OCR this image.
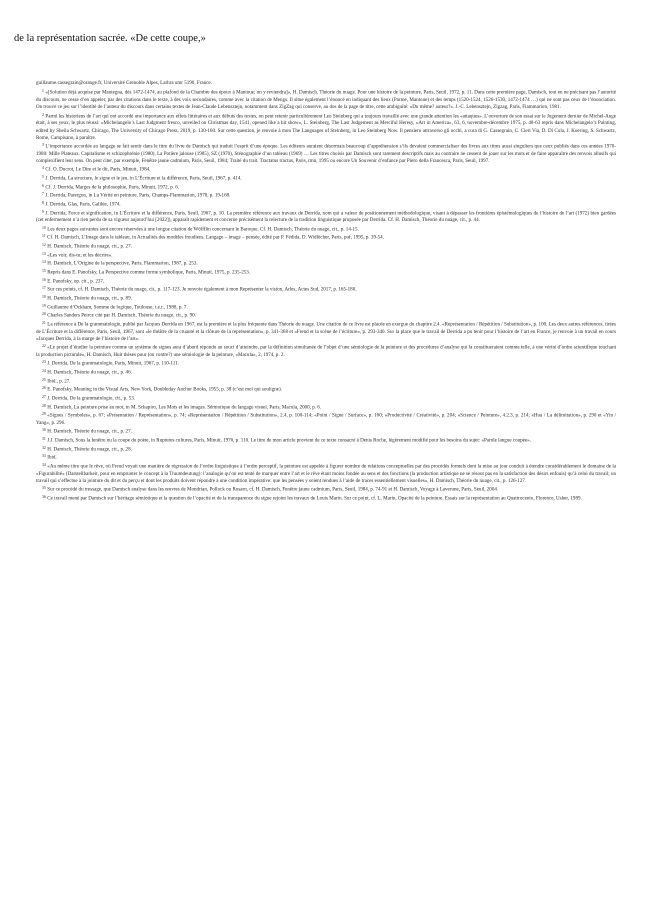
de la représentation sacrée. «De cette coupe,»

guillaume.cassegrain@orange.fr, Université Grenoble Alpes, Larhra umr 5190, France.

$^1$ «[Solution déjà acquise par Mantegna, dès 1472-1474, au plafond de la Chambre des époux à Mantoue; on y reviendra]», H. Damisch, Théorie du nuage. Pour une histoire de la peinture, Paris, Seuil, 1972, p. 11. Dans cette première page, Damisch, tout en ne précisant pas l’autorité du discours, ne cesse d’en appeler, par des citations dans le texte, à des voix secondaires, comme avec la citation de Mengs. Il situe également l’énoncé en indiquant des lieux (Parme, Mantoue) et des temps (1520-1524, 1526-1530, 1472-1474 …) qui ne sont pas ceux de l’énonciation. On trouve ce jeu sur l’identité de l’auteur du discours dans certains textes de Jean-Claude Lebensztejn, notamment dans ZigZag qui conserve, au dos de la page de titre, cette ambiguïté: «Du même? auteur?». J.-C. Lebensztejn, Zigzag, Paris, Flammarion, 1981.

$^2$ Parmi les historiens de l’art qui ont accordé une importance aux effets littéraires et aux débuts des textes, on peut retenir particulièrement Leo Steinberg qui a toujours travaillé avec une grande attention les «attaques». L’ouverture de son essai sur le Jugement dernier de Michel-Ange était, à ses yeux, le plus réussi: «Michelangelo’s Last Judgment fresco, unveiled on Christmas day, 1541, opened like a hit show», L. Steinberg, The Last Judgement as Merciful Heresy, «Art in America», 63, 6, novembre-décembre 1975, p. 48-63 repris dans Michelangelo’s Painting, edited by Sheila Schwartz, Chicago, The University of Chicago Press, 2019, p. 130-160. Sur cette question, je renvoie à mon The Languages of Steinberg, in Leo Steinberg Now. Il pensiero attraverso gli occhi, a cura di G. Cassegrain, C. Cieri Via, D. Di Cola, J. Koering, S. Schwartz, Rome, Campisano, à paraître.

$^3$ L’importance accordée au langage se fait sentir dans le titre du livre de Damisch qui traduit l’esprit d’une époque. Les éditeurs auraient désormais beaucoup d’appréhension s’ils devaient commercialiser des livres aux titres aussi singuliers que ceux publiés dans ces années 1970-1980: Mille Plateaux. Capitalisme et schizophrénie (1980), La Potière jalouse (1985), SZ (1970), Sténographie d’un tableau (1969) … Les titres choisis par Damisch sont rarement descriptifs mais au contraire ne cessent de jouer sur les mots et de faire apparaître des renvois allusifs qui complexifient leur sens. On peut citer, par exemple, Fenêtre jaune cadmium, Paris, Seuil, 1984; Traité du trait. Tractatus tractus, Paris, rmn, 1995 ou encore Un Souvenir d’enfance par Piero della Francesca, Paris, Seuil, 1997.

$^4$ Cf. O. Ducrot, Le Dire et le dit, Paris, Minuit, 1984.

$^5$ J. Derrida, La structure, le signe et le jeu, in L’Écriture et la différence, Paris, Seuil, 1967, p. 414.

$^6$ Cf. J. Derrida, Marges de la philosophie, Paris, Minuit, 1972, p. 6.

$^7$ J. Derrida, Parergon, in La Vérité en peinture, Paris, Champs-Flammarion, 1978, p. 19-168.

$^8$ J. Derrida, Glas, Paris, Galilée, 1974.

$^9$ J. Derrida, Force et signification, in L’Écriture et la différence, Paris, Seuil, 1967, p. 10. La première référence aux travaux de Derrida, nom qui a valeur de positionnement méthodologique, visant à dépasser les frontières épistémologiques de l’histoire de l’art (1972) bien gardées (cet enfermement n’a rien perdu de sa vigueur aujourd’hui [2022]), apparaît rapidement et concerne précisément la relecture de la tradition linguistique proposée par Derrida. Cf. H. Damisch, Théorie du nuage, cit., p. 44.

$^{10}$ Les deux pages suivantes sont encore réservées à une longue citation de Wölfflin concernant le Baroque. Cf. H. Damisch, Théorie du nuage, cit., p. 14-15.

$^{11}$ Cf. H. Damisch, L’Image dans le tableau, in Actualités des modèles freudiens. Langage – image – pensée, édité par P. Fédida, D. Widlöcher, Paris, puf, 1995, p. 39-54.

$^{12}$ H. Damisch, Théorie du nuage, cit., p. 27.

$^{13}$ «Les voir, dis-tu; et les décrire».

$^{14}$ H. Damisch, L’Origine de la perspective, Paris, Flammarion, 1987, p. 253.

$^{15}$ Repris dans E. Panofsky, La Perspective comme forme symbolique, Paris, Minuit, 1975, p. 235-253.

$^{16}$ E. Panofsky, op. cit., p. 237.

$^{17}$ Sur ces points, cf. H. Damisch, Théorie du nuage, cit., p. 117-123. Je renvoie également à mon Représenter la vision, Arles, Actes Sud, 2017, p. 165-180.

$^{18}$ H. Damisch, Théorie du nuage, cit., p. 89.

$^{19}$ Guillaume d’Ockham, Somme de logique, Toulouse, t.e.r., 1988, p. 7.

$^{20}$ Charles Sanders Peirce cité par H. Damisch, Théorie du nuage, cit., p. 90.

$^{21}$ La référence à De la grammatologie, publié par Jacques Derrida en 1967, est la première et la plus fréquente dans Théorie du nuage. Une citation de ce livre est placée en exergue du chapitre 2.4. «Représentation / Répétition / Substitution», p. 100. Les deux autres références, tirées de L’Écriture et la différence, Paris, Seuil, 1967, sont «le théâtre de la cruauté et la clôture de la représentation», p. 341-368 et «Freud et la scène de l’écriture», p. 293-340. Sur la place que le travail de Derrida a pu tenir pour l’histoire de l’art en France, je renvoie à un travail en cours «Jacques Derrida, à la marge de l’histoire de l’art».

$^{22}$ «Le projet d’étudier la peinture comme un système de signes aura d’abord répondu au souci d’atteindre, par la définition simultanée de l’objet d’une sémiologie de la peinture et des procédures d’analyse qui la constitueraient comme telle, à une vérité d’ordre scientifique touchant la production picturale», H. Damisch, Huit thèses pour (ou contre?) une sémiologie de la peinture, «Macula», 2, 1974, p. 2.

$^{23}$ J. Derrida, De la grammatologie, Paris, Minuit, 1967, p. 110-111.

$^{24}$ H. Damisch, Théorie du nuage, cit., p. 46.

$^{25}$ Ibid., p. 27.

$^{26}$ E. Panofsky, Meaning in the Visual Arts, New York, Doubleday Anchor Books, 1955, p. 38 (c’est moi qui souligne).

$^{27}$ J. Derrida, De la grammatologie, cit., p. 53.

$^{28}$ H. Damisch, La peinture prise au mot, in M. Schapiro, Les Mots et les images. Sémiotique du langage visuel, Paris, Macula, 2000, p. 6.

$^{29}$ «Signes / Symboles», p. 67; «Présentation / Représentation», p. 74; «Représentation / Répétition / Substitution», 2.4, p. 100-114; «Point / Signe / Surface», p. 160; «Productivité / Créativité», p. 204; «Science / Peinture», 4.2.3, p. 214; «Hua / La délimitation», p. 290 et «Yin / Yang», p. 296.

$^{30}$ H. Damisch, Théorie du nuage, cit., p. 27.

$^{31}$ J.J. Damisch, Sous la fenêtre ou la coupe du poète, in Ruptures cultures, Paris, Minuit, 1976, p. 110. Le titre de mon article provient de ce texte consacré à Denis Roche, légèrement modifié pour les besoins du sujet: «Parole langue coupée».

$^{32}$ H. Damisch, Théorie du nuage, cit., p. 28.

$^{33}$ Ibid.

$^{34}$ «Au même titre que le rêve, où Freud voyait une manière de régression de l’ordre linguistique à l’ordre perceptif, la peinture est appelée à figurer nombre de relations conceptuelles par des procédés formels dont la mise au jour conduit à étendre considérablement le domaine de la «Figurabilité» (Darstellbarkeit, pour en emprunter le concept à la Traumdeutung): l’analogie qu’on est tenté de marquer entre l’art et le rêve étant moins fondée au sens et des fonctions (la production artistique ne se résout pas en la satisfaction des désirs enfouis) qu’à celui du travail; un travail qui s’effectue à la jointure du dit et du perçu et dont les produits doivent répondre à une condition impérative: que les pensées y soient rendues à l’aide de traces essentiellement visuelles», H. Damisch, Théorie du nuage, cit., p. 126-127.

$^{35}$ Sur ce procédé du tressage, que Damisch analyse dans les œuvres de Mondrian, Pollock ou Rosarn, cf. H. Damisch, Fenêtre jaune cadmium, Paris, Seuil, 1984, p. 74-91 et H. Damisch, Voyage à Laverune, Paris, Seuil, 2004.

$^{36}$ Ce travail mené par Damisch sur l’héritage sémiotique et la question de l’opacité et de la transparence du signe rejoint les travaux de Louis Marin. Sur ce point, cf. L. Marin, Opacité de la peinture. Essais sur la représentation au Quattrocento, Florence, Usher, 1989.
